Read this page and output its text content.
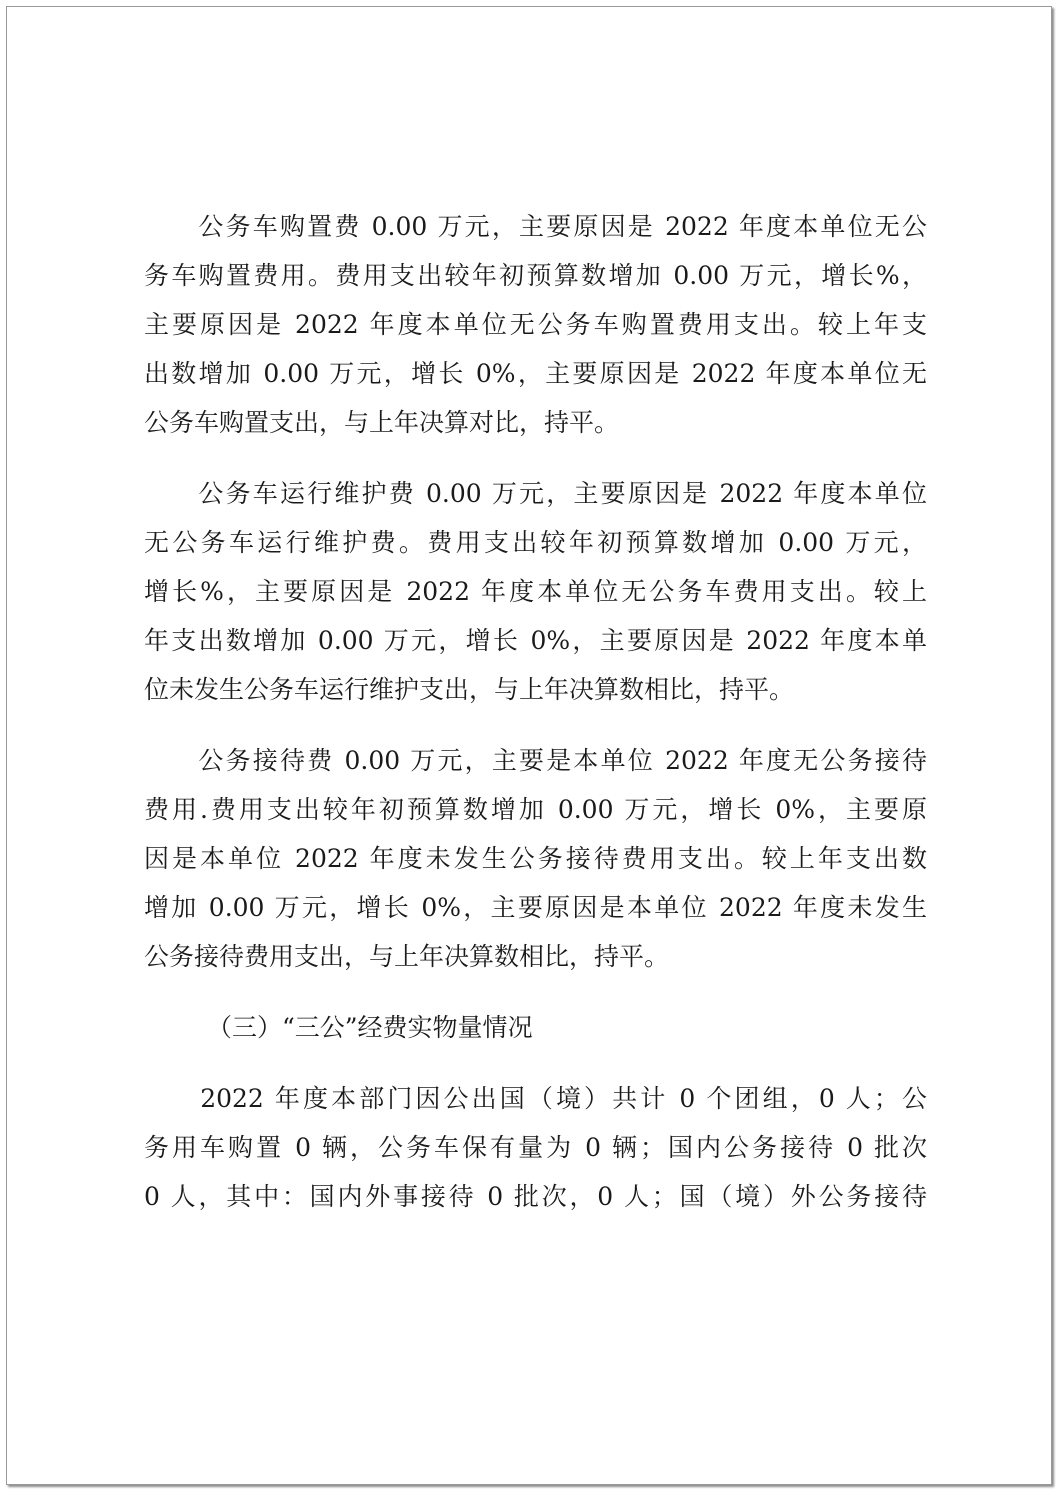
　　公务车购置费 0.00 万元，主要原因是 2022 年度本单位无公
务车购置费用。费用支出较年初预算数增加 0.00 万元，增长%，
主要原因是 2022 年度本单位无公务车购置费用支出。较上年支
出数增加 0.00 万元，增长 0%，主要原因是 2022 年度本单位无
公务车购置支出，与上年决算对比，持平。
　　公务车运行维护费 0.00 万元，主要原因是 2022 年度本单位
无公务车运行维护费。费用支出较年初预算数增加 0.00 万元，
增长%，主要原因是 2022 年度本单位无公务车费用支出。较上
年支出数增加 0.00 万元，增长 0%，主要原因是 2022 年度本单
位未发生公务车运行维护支出，与上年决算数相比，持平。
　　公务接待费 0.00 万元，主要是本单位 2022 年度无公务接待
费用.费用支出较年初预算数增加 0.00 万元，增长 0%，主要原
因是本单位 2022 年度未发生公务接待费用支出。较上年支出数
增加 0.00 万元，增长 0%，主要原因是本单位 2022 年度未发生
公务接待费用支出，与上年决算数相比，持平。
（三）“三公”经费实物量情况
　　2022 年度本部门因公出国（境）共计 0 个团组，0 人；公
务用车购置 0 辆，公务车保有量为 0 辆；国内公务接待 0 批次
0 人，其中：国内外事接待 0 批次，0 人；国（境）外公务接待
